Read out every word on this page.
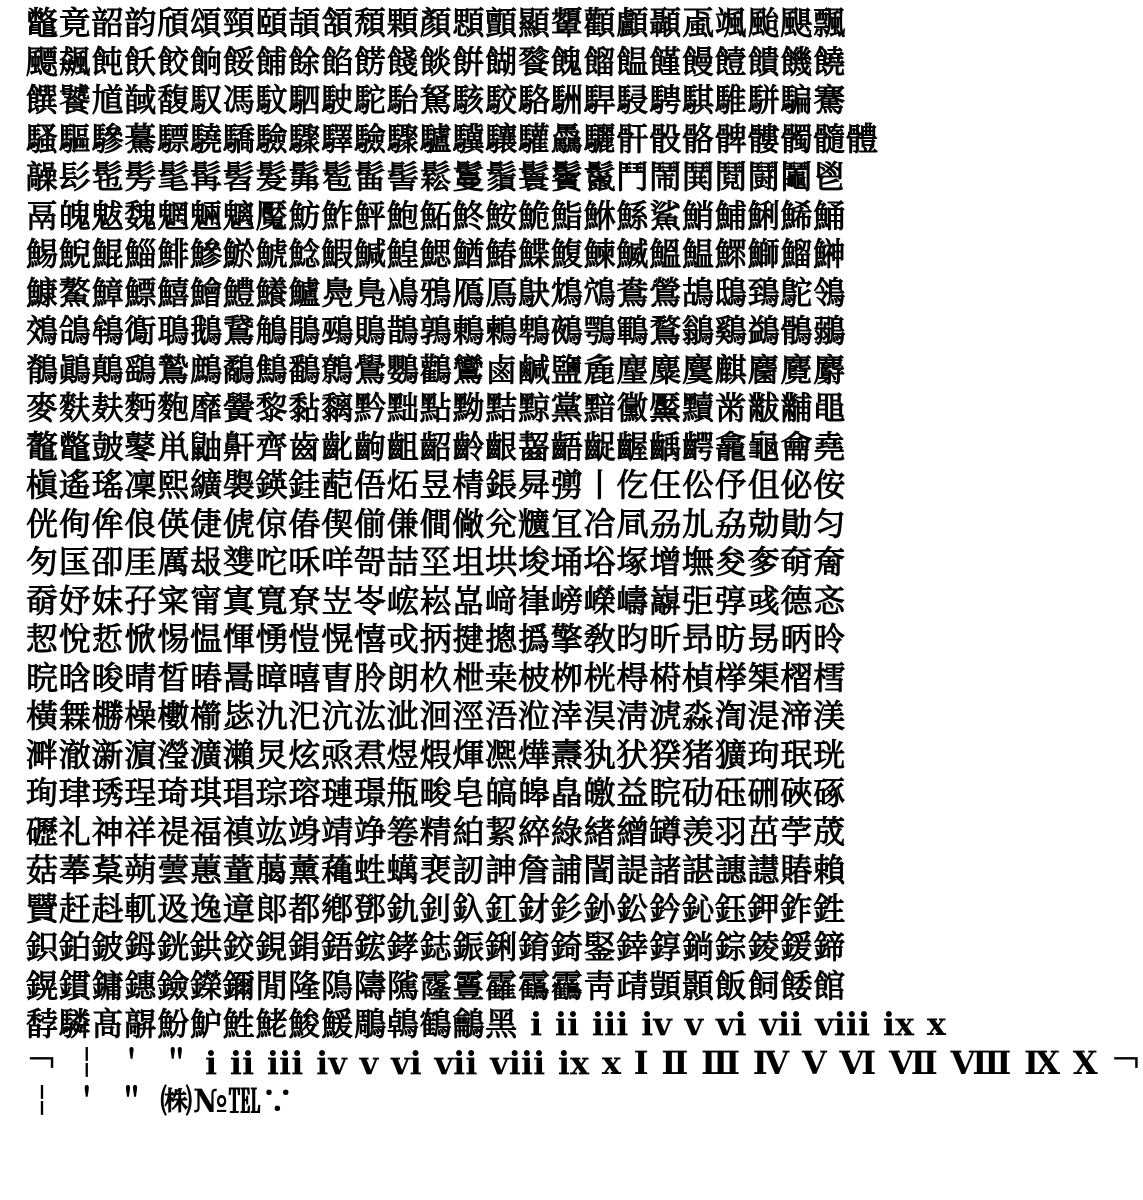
鼈竟韶韵頎頌頸頤頡頷頹顆顏顋顫顯顰顴顱顳颪颯颱颶飄
飃飆飩飫餃餉餒餔餘餡餝餞餤餠餬餮餽餾饂饉饅饐饋饑饒
饌饕馗馘馥馭馮馼駟駛駝駘駑駭駮駱駲駻駸騁騏騅駢騙騫
騷驅驂驀驃驍驕驗驟驛驗驟驢驥驤驩驫驪骭骰骼髀髏髑髓體
髞髟髢髣髦髯髫髮髴髱髷髻鬆鬘鬚鬟鬢鬣鬥鬧鬨鬩鬪鬮鬯
鬲魄魃魏魍魎魑魘魴鮓鮃鮑鮖鮗鮟鮠鮨鮴鯀鯊鮹鯆鯏鯑鯒
鯣鯢鯤鯔鯡鰺鯲鯱鯰鰕鰔鰉鰓鰌鰆鰈鰒鰊鰄鰮鰛鰥鰤鰡鰰
鱇鰲鱆鰾鱚鱠鱧鱶鱸鳧鳬鳰鴉鴈鳫鴃鴆鴪鴦鶯鴣鴟鵄鴕鴒
鵁鴿鴾鵆鵈鵝鵞鵤鵑鵐鵙鵲鶉鶇鶫鵯鵺鶚鶤鶩鶲鷄鷁鶻鶸
鶺鷆鷏鷂鷙鷓鷸鷦鷭鷯鷽鸚鸛鸞鹵鹹鹽麁麈麋麌麒麕麑麝
麥麩麸麪麭靡黌黎黏黐黔黜點黝黠黥黨黯黴黶黷黹黻黼黽
鼇鼈皷鼕鼡鼬鼾齊齒齔齣齟齠齡齦齧齬齪齷齲齶龕龜龠堯
槇遙瑤凜熙纊褜鍈銈蓜俉炻昱棈鋹曻彅丨仡仼伀伃伹佖侒
侊侚侔俍偀倢俿倞偆偰偂傔僴僘兊兤冝冾凬刕劜劦勀勛匀
匇匤卲厓厲叝﨎咜咊咩哿喆坙坥垬埈埇﨏塚增墲夋奓奛奝
奣妤妺孖寀甯寘寬尞岦岺峵崧嵓﨑嵂嵭嶸嶹巐弡弴彧德忞
恝悅悊惞惕愠惲愑愷愰憘戓抦揵摠撝擎敎昀昕昻昉昮昞昤
晥晗晙晴晳暙暠暲暿曺朎朗杦枻桒柀栁桄棏﨓楨﨔榘槢樰
橫橆橳橾櫢櫤毖氿汜沆汯泚洄涇浯涖涬淏淸淲淼渹湜渧渼
溿澈澵濵瀅瀇瀨炅炫焏焄煜煆煇凞燁燾犱犾猤猪獷玽珉珖
珣珒琇珵琦琪琩琮瑢璉璟甁畯皂皜皞皛皦益睆劯砡硎硤硺
礰礼神祥禔福禛竑竧靖竫箞精絈絜綷綠緖繒罇羡羽茁荢荿
菇菶葈蒴蕓蕙蕫﨟薰蘒﨡蠇裵訒訷詹誧誾諟諸諶譓譿賰賴
贒赶﨣軏﨤逸遧郞都鄕鄧釚釗釞釭釮釤釥鈆鈐鈊鈺鉀鈼鉎
鉙鉑鈹鉧銧鉷鉸鋧鋗鋙鋐﨧鋕鋠鋓錥錡鋻﨨錞鋿錝錂鍰鍗
鎤鏆鏞鏸鐱鑅鑈閒隆隝隯隲霳霻靃靍靏靑靕顗顥飯飼餧館
馞驎髙髜魵魲鮏鮱鮻鰀鵰鵫鶴鸙黑 ⅰ ⅱ ⅲ ⅳ ⅴ ⅵ ⅶ ⅷ ⅸ ⅹ
￢ ￤ ＇ ＂ ⅰ ⅱ ⅲ ⅳ ⅴ ⅵ ⅶ ⅷ ⅸ ⅹ Ⅰ Ⅱ Ⅲ Ⅳ Ⅴ Ⅵ Ⅶ Ⅷ Ⅸ Ⅹ ￢
￤ ＇ ＂ ㈱№℡∵
